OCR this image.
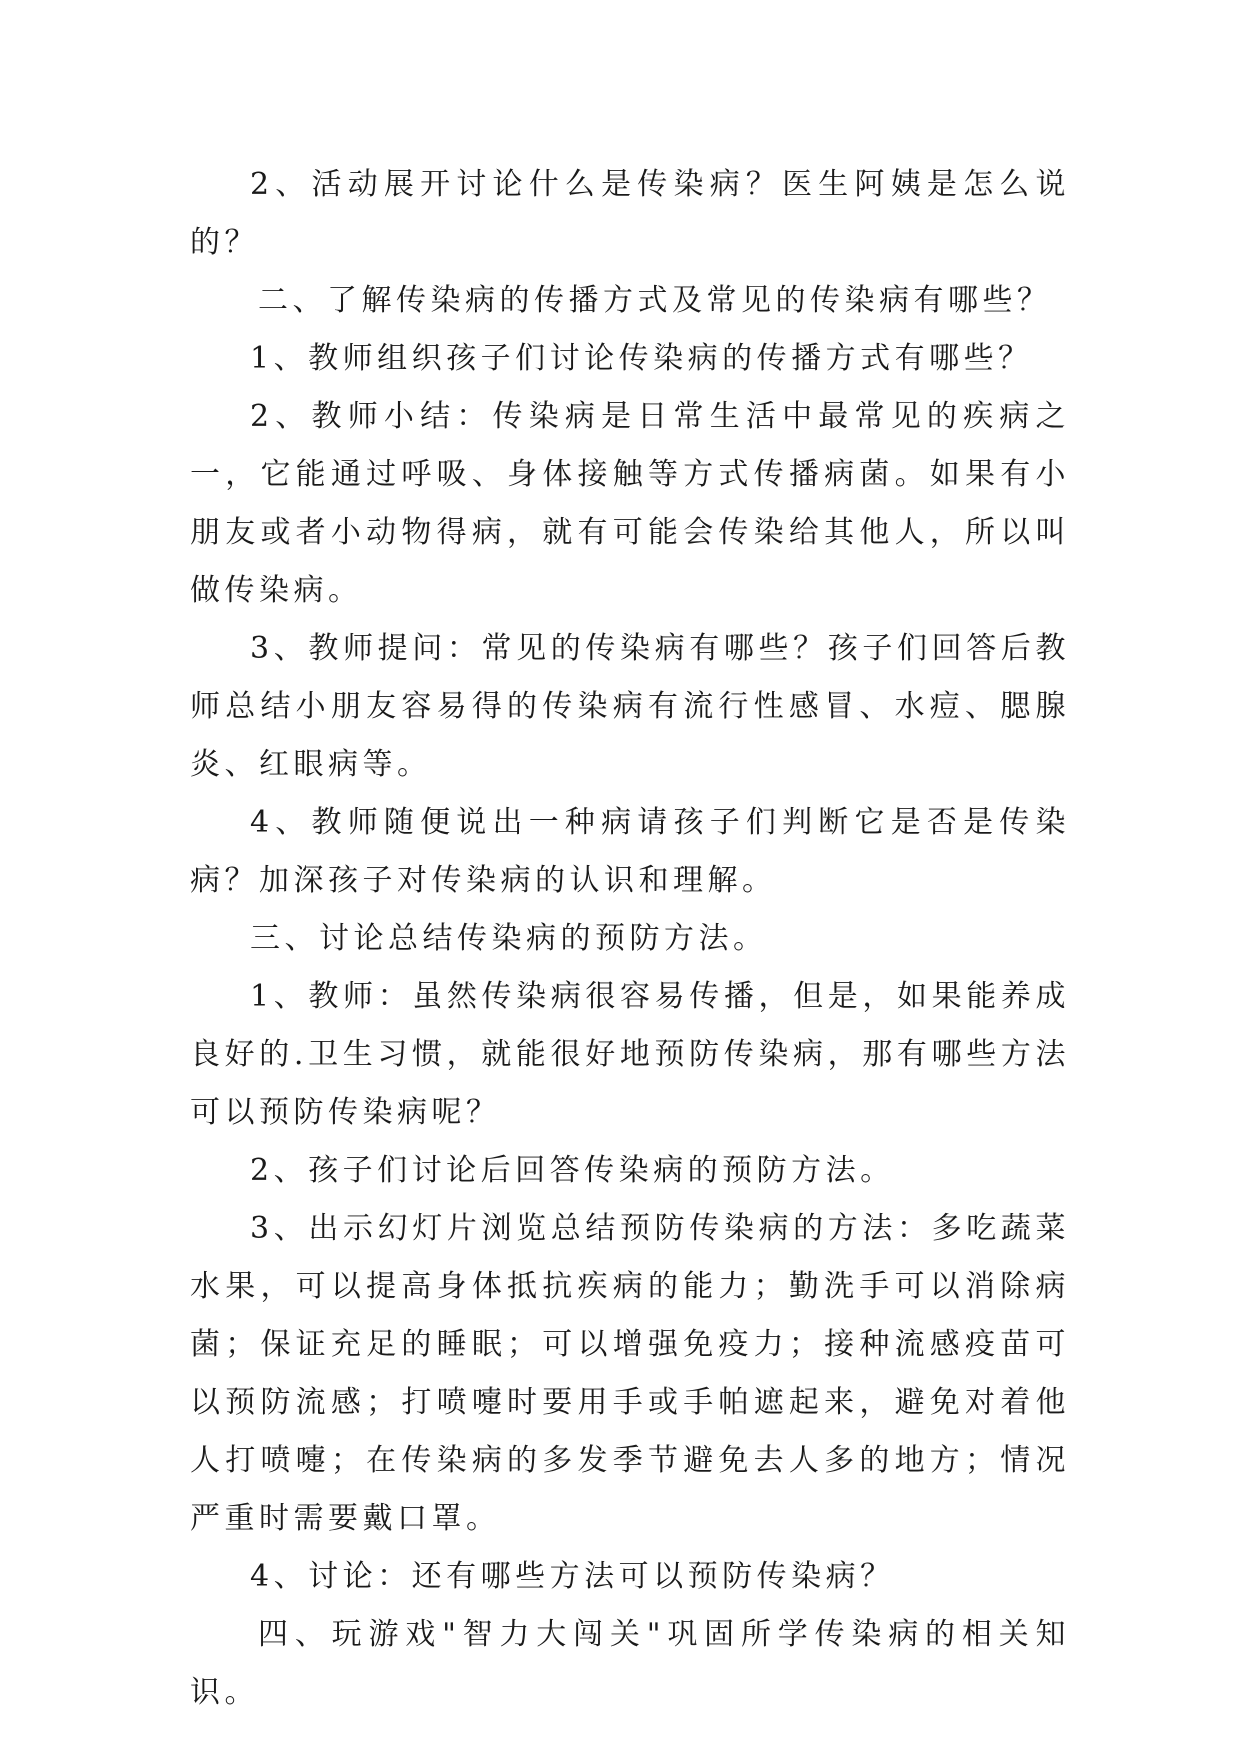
2、活动展开讨论什么是传染病？医生阿姨是怎么说的？

二、了解传染病的传播方式及常见的传染病有哪些？

1、教师组织孩子们讨论传染病的传播方式有哪些？

2、教师小结：传染病是日常生活中最常见的疾病之一，它能通过呼吸、身体接触等方式传播病菌。如果有小朋友或者小动物得病，就有可能会传染给其他人，所以叫做传染病。

3、教师提问：常见的传染病有哪些？孩子们回答后教师总结小朋友容易得的传染病有流行性感冒、水痘、腮腺炎、红眼病等。

4、教师随便说出一种病请孩子们判断它是否是传染病？加深孩子对传染病的认识和理解。

三、讨论总结传染病的预防方法。

1、教师：虽然传染病很容易传播，但是，如果能养成良好的.卫生习惯，就能很好地预防传染病，那有哪些方法可以预防传染病呢？

2、孩子们讨论后回答传染病的预防方法。

3、出示幻灯片浏览总结预防传染病的方法：多吃蔬菜水果，可以提高身体抵抗疾病的能力；勤洗手可以消除病菌；保证充足的睡眠；可以增强免疫力；接种流感疫苗可以预防流感；打喷嚏时要用手或手帕遮起来，避免对着他人打喷嚏；在传染病的多发季节避免去人多的地方；情况严重时需要戴口罩。

4、讨论：还有哪些方法可以预防传染病？

四、玩游戏"智力大闯关"巩固所学传染病的相关知识。
